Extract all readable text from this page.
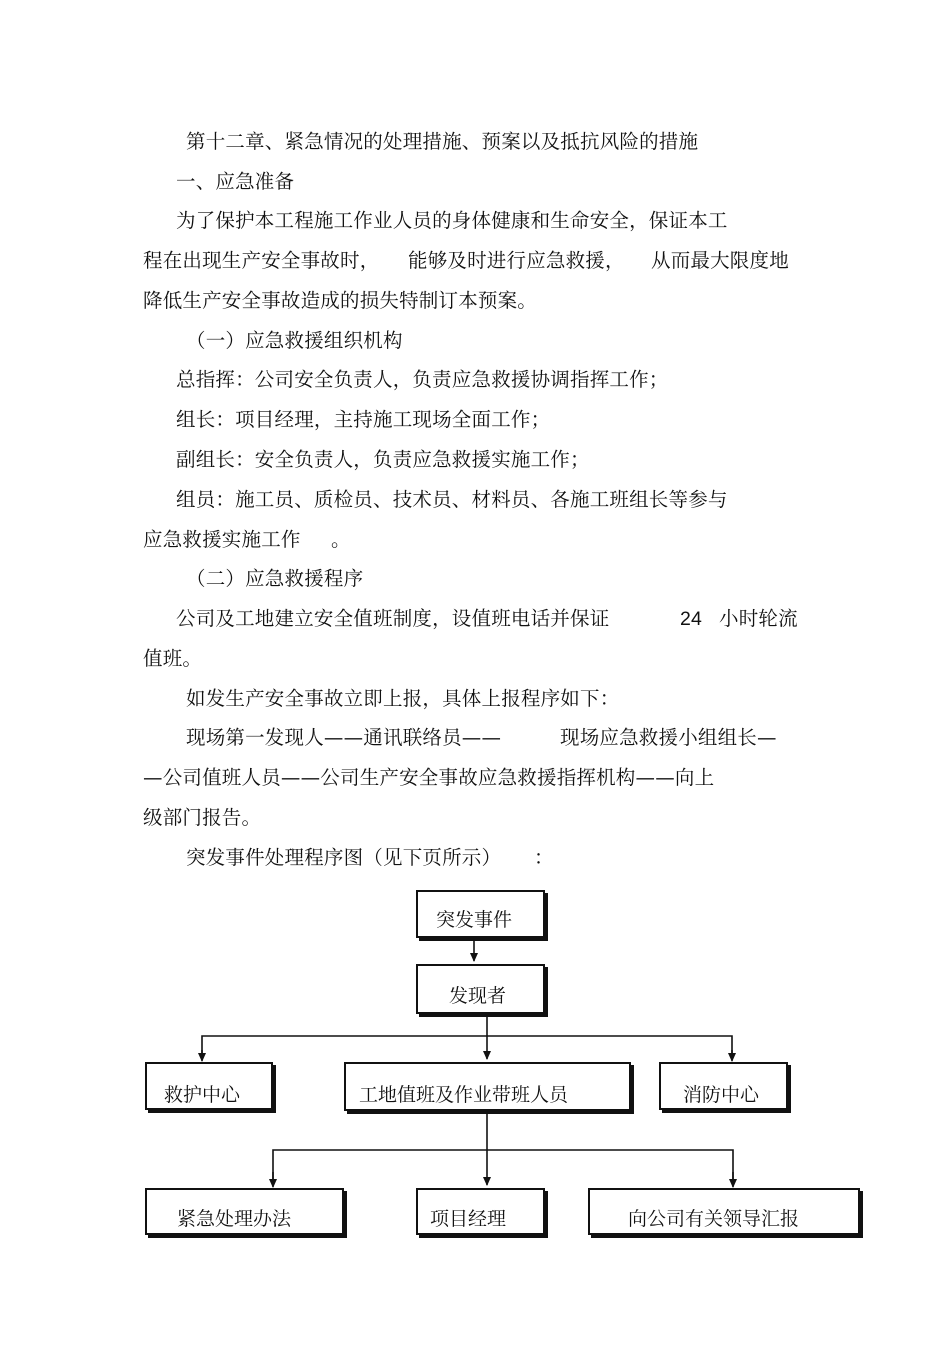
第十二章、紧急情况的处理措施、预案以及抵抗风险的措施
一、应急准备
为了保护本工程施工作业人员的身体健康和生命安全，保证本工
程在出现生产安全事故时， 能够及时进行应急救援， 从而最大限度地
降低生产安全事故造成的损失特制订本预案。
（一）应急救援组织机构
总指挥：公司安全负责人，负责应急救援协调指挥工作；
组长：项目经理，主持施工现场全面工作；
副组长：安全负责人，负责应急救援实施工作；
组员：施工员、质检员、技术员、材料员、各施工班组长等参与
应急救援实施工作 。
（二）应急救援程序
公司及工地建立安全值班制度，设值班电话并保证	24 小时轮流
值班。
如发生产安全事故立即上报，具体上报程序如下：
现场第一发现人——通讯联络员——	现场应急救援小组组长—
—公司值班人员——公司生产安全事故应急救援指挥机构——向上
级部门报告。
突发事件处理程序图（见下页所示） ：
突发事件
发现者
救护中心	工地值班及作业带班人员	消防中心
紧急处理办法	项目经理	向公司有关领导汇报
